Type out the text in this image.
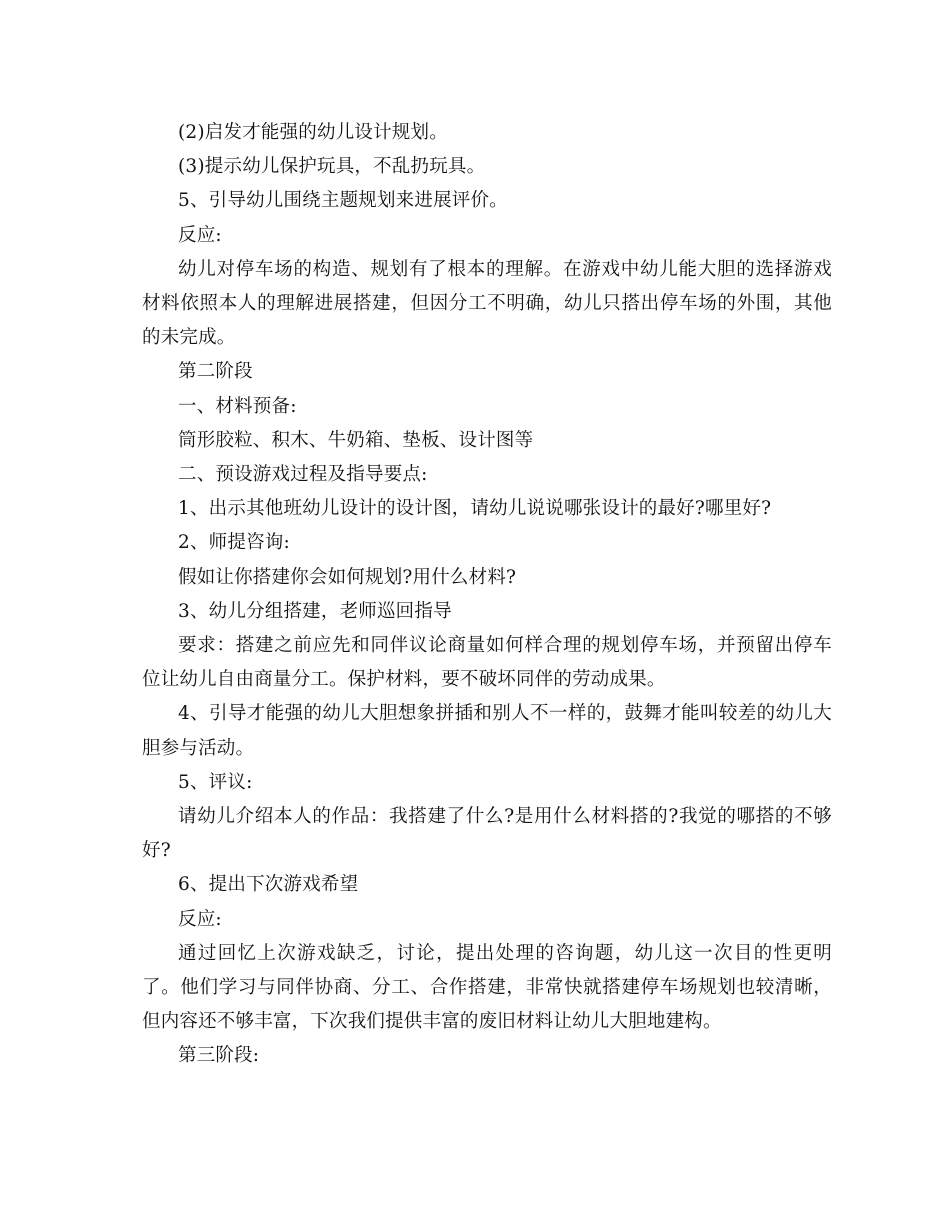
(2)启发才能强的幼儿设计规划。

(3)提示幼儿保护玩具，不乱扔玩具。

5、引导幼儿围绕主题规划来进展评价。

反应:

幼儿对停车场的构造、规划有了根本的理解。在游戏中幼儿能大胆的选择游戏材料依照本人的理解进展搭建，但因分工不明确，幼儿只搭出停车场的外围，其他的未完成。

第二阶段

一、材料预备:

筒形胶粒、积木、牛奶箱、垫板、设计图等

二、预设游戏过程及指导要点:

1、出示其他班幼儿设计的设计图，请幼儿说说哪张设计的最好?哪里好?

2、师提咨询:

假如让你搭建你会如何规划?用什么材料?

3、幼儿分组搭建，老师巡回指导

要求：搭建之前应先和同伴议论商量如何样合理的规划停车场，并预留出停车位让幼儿自由商量分工。保护材料，要不破坏同伴的劳动成果。

4、引导才能强的幼儿大胆想象拼插和别人不一样的，鼓舞才能叫较差的幼儿大胆参与活动。

5、评议:

请幼儿介绍本人的作品：我搭建了什么?是用什么材料搭的?我觉的哪搭的不够好?

6、提出下次游戏希望

反应:

通过回忆上次游戏缺乏，讨论，提出处理的咨询题，幼儿这一次目的性更明了。他们学习与同伴协商、分工、合作搭建，非常快就搭建停车场规划也较清晰，但内容还不够丰富，下次我们提供丰富的废旧材料让幼儿大胆地建构。

第三阶段:
